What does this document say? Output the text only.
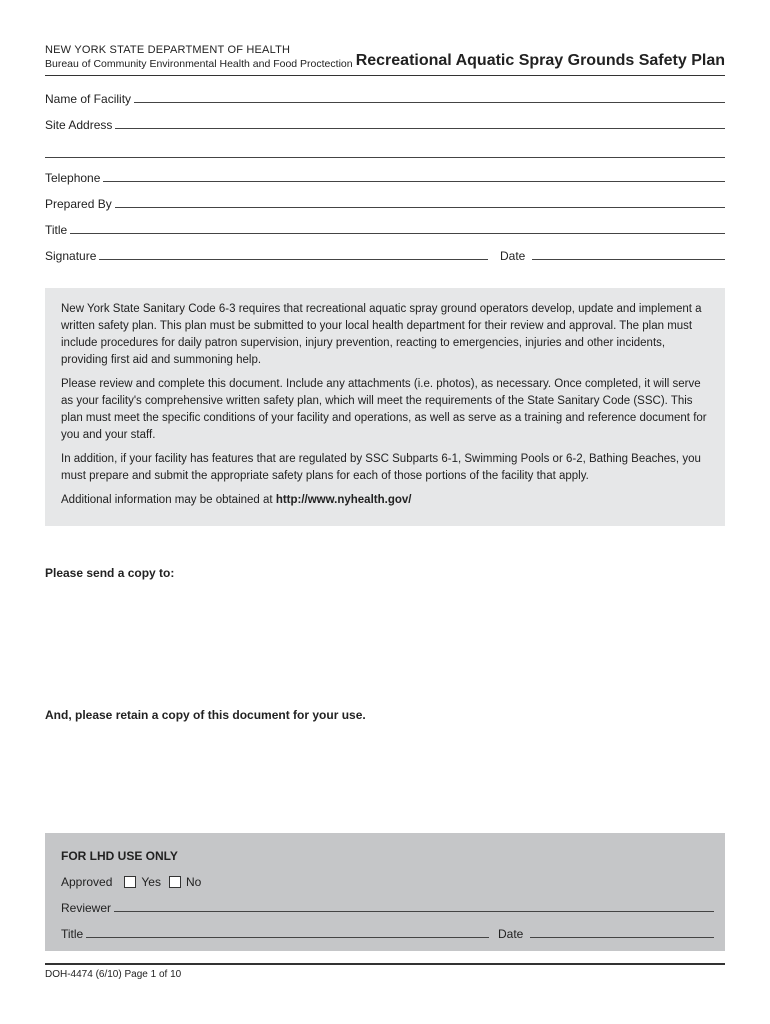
NEW YORK STATE DEPARTMENT OF HEALTH
Bureau of Community Environmental Health and Food Proctection Recreational Aquatic Spray Grounds Safety Plan
Name of Facility
Site Address
Telephone
Prepared By
Title
Signature	Date

New York State Sanitary Code 6-3 requires that recreational aquatic spray ground operators develop, update and implement a written safety plan. This plan must be submitted to your local health department for their review and approval. The plan must include procedures for daily patron supervision, injury prevention, reacting to emergencies, injuries and other incidents, providing first aid and summoning help.

Please review and complete this document. Include any attachments (i.e. photos), as necessary. Once completed, it will serve as your facility's comprehensive written safety plan, which will meet the requirements of the State Sanitary Code (SSC). This plan must meet the specific conditions of your facility and operations, as well as serve as a training and reference document for you and your staff.

In addition, if your facility has features that are regulated by SSC Subparts 6-1, Swimming Pools or 6-2, Bathing Beaches, you must prepare and submit the appropriate safety plans for each of those portions of the facility that apply.

Additional information may be obtained at http://www.nyhealth.gov/

Please send a copy to:
And, please retain a copy of this document for your use.
FOR LHD USE ONLY
Approved Yes No
Reviewer
Title	Date
DOH-4474 (6/10) Page 1 of 10
